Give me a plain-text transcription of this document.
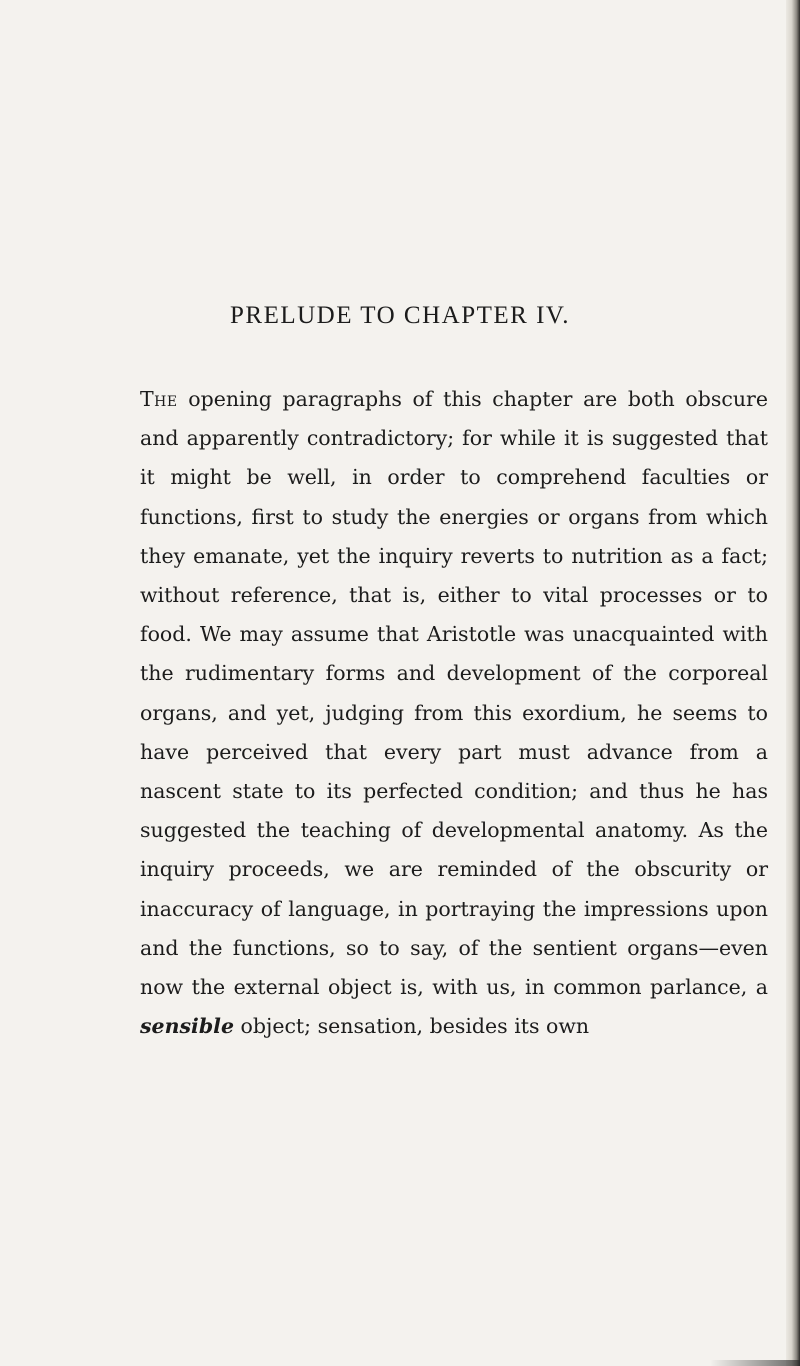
PRELUDE TO CHAPTER IV.

The opening paragraphs of this chapter are both obscure and apparently contradictory; for while it is suggested that it might be well, in order to comprehend faculties or functions, first to study the energies or organs from which they emanate, yet the inquiry reverts to nutrition as a fact; without reference, that is, either to vital processes or to food. We may assume that Aristotle was unacquainted with the rudimentary forms and development of the corporeal organs, and yet, judging from this exordium, he seems to have perceived that every part must advance from a nascent state to its perfected condition; and thus he has suggested the teaching of developmental anatomy. As the inquiry proceeds, we are reminded of the obscurity or inaccuracy of language, in portraying the impressions upon and the functions, so to say, of the sentient organs—even now the external object is, with us, in common parlance, a sensible object; sensation, besides its own
